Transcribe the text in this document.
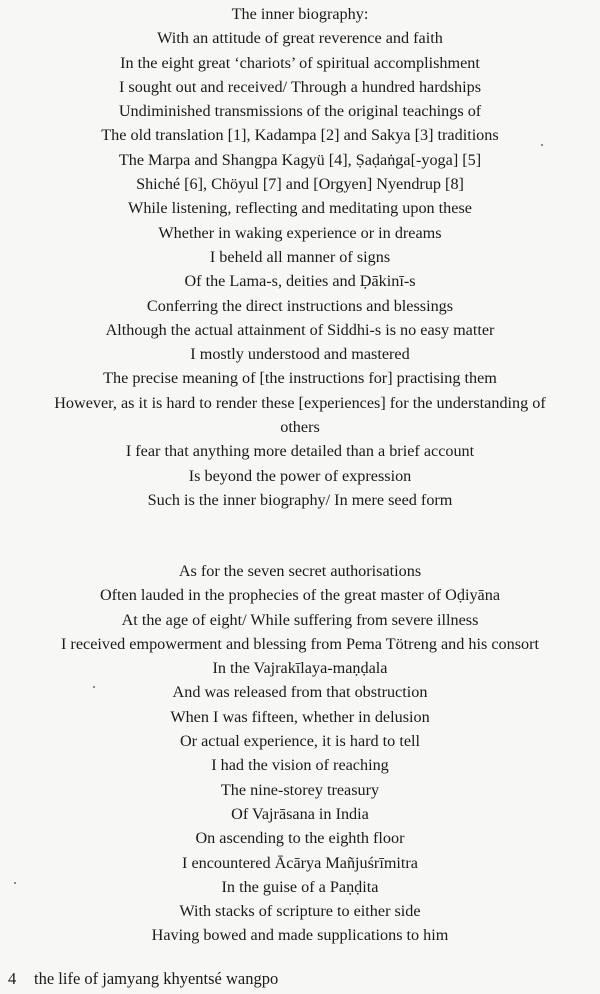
The inner biography:
With an attitude of great reverence and faith
In the eight great ‘chariots’ of spiritual accomplishment
I sought out and received/ Through a hundred hardships
Undiminished transmissions of the original teachings of
The old translation [1], Kadampa [2] and Sakya [3] traditions
The Marpa and Shangpa Kagyü [4], Ṣaḍaṅga[-yoga] [5]
Shiché [6], Chöyul [7] and [Orgyen] Nyendrup [8]
While listening, reflecting and meditating upon these
Whether in waking experience or in dreams
I beheld all manner of signs
Of the Lama-s, deities and Ḍākinī-s
Conferring the direct instructions and blessings
Although the actual attainment of Siddhi-s is no easy matter
I mostly understood and mastered
The precise meaning of [the instructions for] practising them
However, as it is hard to render these [experiences] for the understanding of
others
I fear that anything more detailed than a brief account
Is beyond the power of expression
Such is the inner biography/ In mere seed form
As for the seven secret authorisations
Often lauded in the prophecies of the great master of Oḍiyāna
At the age of eight/ While suffering from severe illness
I received empowerment and blessing from Pema Tötreng and his consort
In the Vajrakīlaya-maṇḍala
And was released from that obstruction
When I was fifteen, whether in delusion
Or actual experience, it is hard to tell
I had the vision of reaching
The nine-storey treasury
Of Vajrāsana in India
On ascending to the eighth floor
I encountered Ācārya Mañjuśrīmitra
In the guise of a Paṇḍita
With stacks of scripture to either side
Having bowed and made supplications to him
4 the life of jamyang khyentsé wangpo
